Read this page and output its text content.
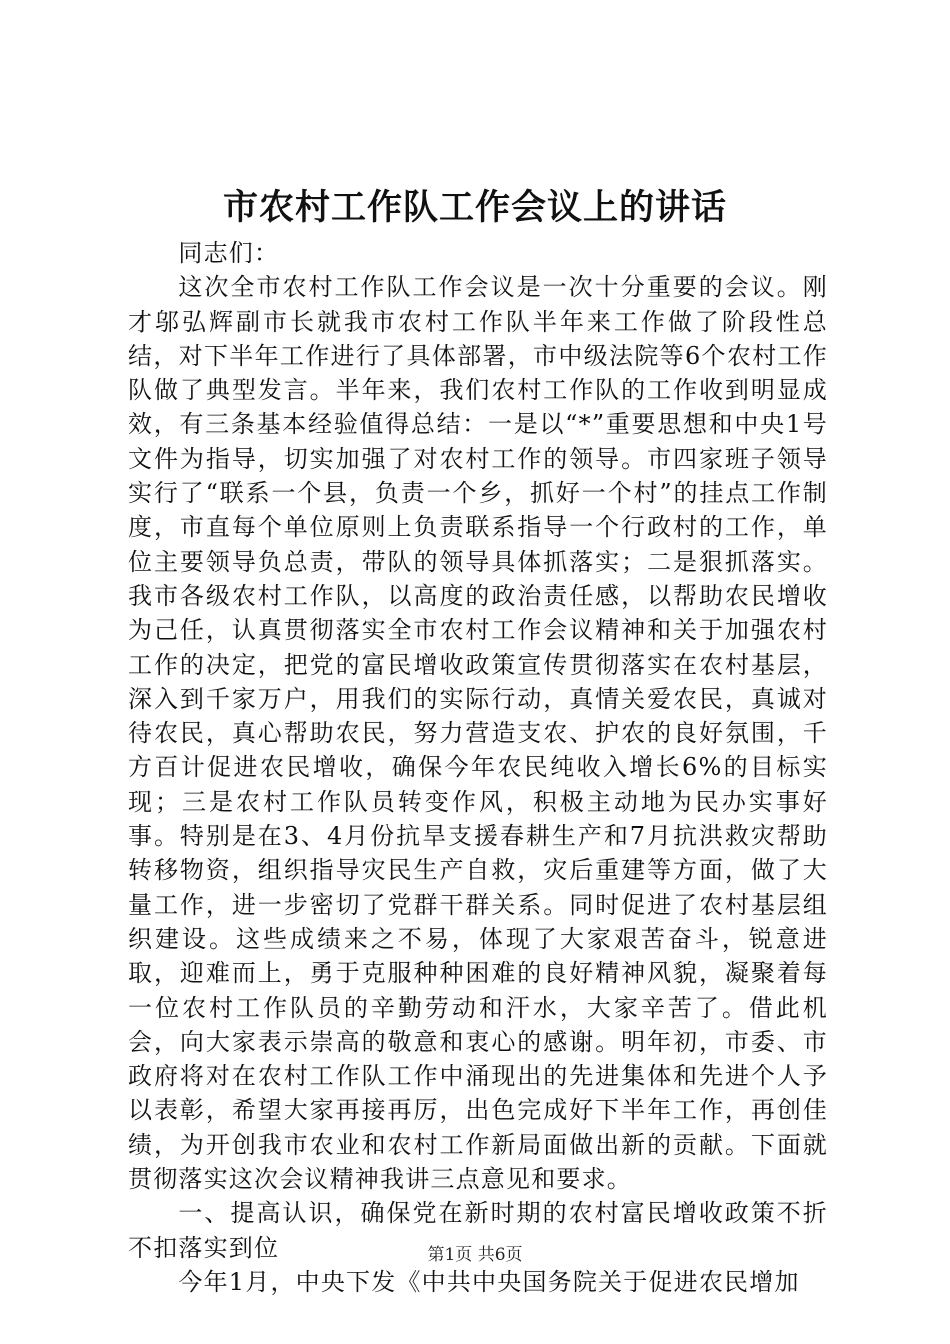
市农村工作队工作会议上的讲话

同志们：

这次全市农村工作队工作会议是一次十分重要的会议。刚才邬弘辉副市长就我市农村工作队半年来工作做了阶段性总结，对下半年工作进行了具体部署，市中级法院等6个农村工作队做了典型发言。半年来，我们农村工作队的工作收到明显成效，有三条基本经验值得总结：一是以“*”重要思想和中央1号文件为指导，切实加强了对农村工作的领导。市四家班子领导实行了“联系一个县，负责一个乡，抓好一个村”的挂点工作制度，市直每个单位原则上负责联系指导一个行政村的工作，单位主要领导负总责，带队的领导具体抓落实；二是狠抓落实。我市各级农村工作队，以高度的政治责任感，以帮助农民增收为己任，认真贯彻落实全市农村工作会议精神和关于加强农村工作的决定，把党的富民增收政策宣传贯彻落实在农村基层，深入到千家万户，用我们的实际行动，真情关爱农民，真诚对待农民，真心帮助农民，努力营造支农、护农的良好氛围，千方百计促进农民增收，确保今年农民纯收入增长6%的目标实现；三是农村工作队员转变作风，积极主动地为民办实事好事。特别是在3、4月份抗旱支援春耕生产和7月抗洪救灾帮助转移物资，组织指导灾民生产自救，灾后重建等方面，做了大量工作，进一步密切了党群干群关系。同时促进了农村基层组织建设。这些成绩来之不易，体现了大家艰苦奋斗，锐意进取，迎难而上，勇于克服种种困难的良好精神风貌，凝聚着每一位农村工作队员的辛勤劳动和汗水，大家辛苦了。借此机会，向大家表示崇高的敬意和衷心的感谢。明年初，市委、市政府将对在农村工作队工作中涌现出的先进集体和先进个人予以表彰，希望大家再接再厉，出色完成好下半年工作，再创佳绩，为开创我市农业和农村工作新局面做出新的贡献。下面就贯彻落实这次会议精神我讲三点意见和要求。

一、提高认识，确保党在新时期的农村富民增收政策不折不扣落实到位

今年1月，中央下发《中共中央国务院关于促进农民增加

第1页 共6页
